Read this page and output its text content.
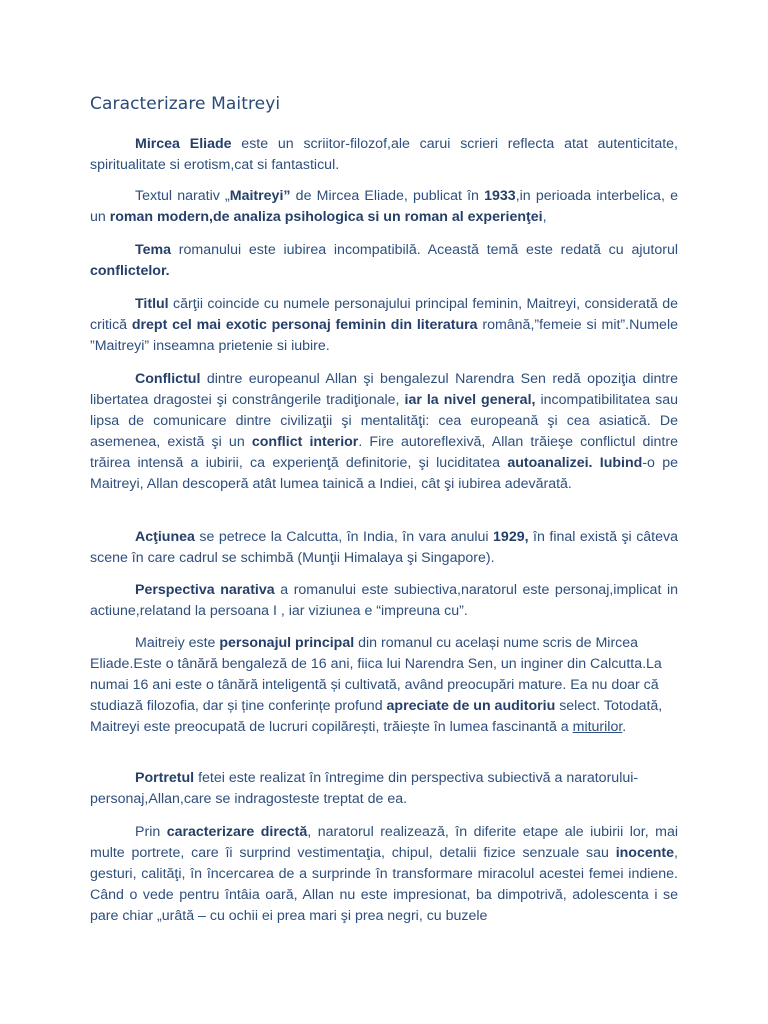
Caracterizare Maitreyi

Mircea Eliade este un scriitor-filozof,ale carui scrieri reflecta atat autenticitate, spiritualitate si erotism,cat si fantasticul.

Textul narativ „Maitreyi” de Mircea Eliade, publicat în 1933,in perioada interbelica, e un roman modern,de analiza psihologica si un roman al experienţei,

Tema romanului este iubirea incompatibilă. Această temă este redată cu ajutorul conflictelor.

Titlul cărţii coincide cu numele personajului principal feminin, Maitreyi, considerată de critică drept cel mai exotic personaj feminin din literatura română,”femeie si mit”.Numele ”Maitreyi” inseamna prietenie si iubire.

Conflictul dintre europeanul Allan şi bengalezul Narendra Sen redă opoziţia dintre libertatea dragostei şi constrângerile tradiţionale, iar la nivel general, incompatibilitatea sau lipsa de comunicare dintre civilizaţii şi mentalităţi: cea europeană şi cea asiatică. De asemenea, există şi un conflict interior. Fire autoreflexivă, Allan trăieşe conflictul dintre trăirea intensă a iubirii, ca experienţă definitorie, şi luciditatea autoanalizei. Iubind-o pe Maitreyi, Allan descoperă atât lumea tainică a Indiei, cât şi iubirea adevărată.

Acţiunea se petrece la Calcutta, în India, în vara anului 1929, în final există şi câteva scene în care cadrul se schimbă (Munţii Himalaya şi Singapore).

Perspectiva narativa a romanului este subiectiva,naratorul este personaj,implicat in actiune,relatand la persoana I , iar viziunea e “impreuna cu”.

Maitreiy este personajul principal din romanul cu același nume scris de Mircea Eliade.Este o tânără bengaleză de 16 ani, fiica lui Narendra Sen, un inginer din Calcutta.La numai 16 ani este o tânără inteligentă și cultivată, având preocupări mature. Ea nu doar că studiază filozofia, dar și ține conferințe profund apreciate de un auditoriu select. Totodată, Maitreyi este preocupată de lucruri copilărești, trăiește în lumea fascinantă a miturilor.

Portretul fetei este realizat în întregime din perspectiva subiectivă a naratorului-personaj,Allan,care se indragosteste treptat de ea.

Prin caracterizare directă, naratorul realizează, în diferite etape ale iubirii lor, mai multe portrete, care îi surprind vestimentaţia, chipul, detalii fizice senzuale sau inocente, gesturi, calităţi, în încercarea de a surprinde în transformare miracolul acestei femei indiene. Când o vede pentru întâia oară, Allan nu este impresionat, ba dimpotrivă, adolescenta i se pare chiar „urâtă – cu ochii ei prea mari şi prea negri, cu buzele
